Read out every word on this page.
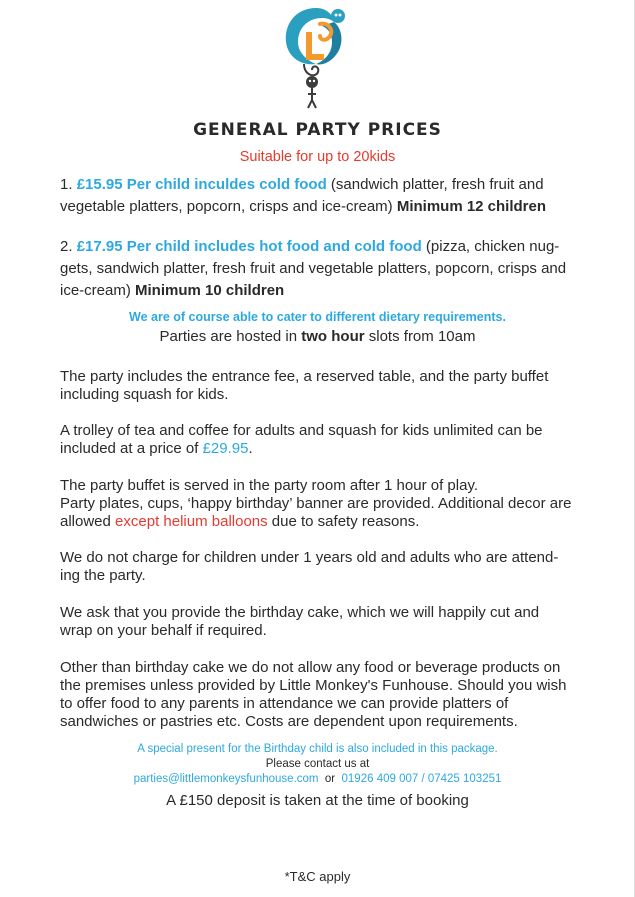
GENERAL PARTY PRICES
Suitable for up to 20kids
1. £15.95 Per child inculdes cold food (sandwich platter, fresh fruit and vegetable platters, popcorn, crisps and ice-cream) Minimum 12 children
2. £17.95 Per child includes hot food and cold food (pizza, chicken nug- gets, sandwich platter, fresh fruit and vegetable platters, popcorn, crisps and ice-cream) Minimum 10 children
We are of course able to cater to different dietary requirements.
Parties are hosted in two hour slots from 10am
The party includes the entrance fee, a reserved table, and the party buffet including squash for kids.
A trolley of tea and coffee for adults and squash for kids unlimited can be included at a price of £29.95.
The party buffet is served in the party room after 1 hour of play.
Party plates, cups, ‘happy birthday’ banner are provided. Additional decor are allowed except helium balloons due to safety reasons.
We do not charge for children under 1 years old and adults who are attend- ing the party.
We ask that you provide the birthday cake, which we will happily cut and wrap on your behalf if required.
Other than birthday cake we do not allow any food or beverage products on the premises unless provided by Little Monkey's Funhouse. Should you wish to offer food to any parents in attendance we can provide platters of sandwiches or pastries etc. Costs are dependent upon requirements.
A special present for the Birthday child is also included in this package.
Please contact us at
parties@littlemonkeysfunhouse.com  or  01926 409 007 / 07425 103251
A £150 deposit is taken at the time of booking
*T&C apply
